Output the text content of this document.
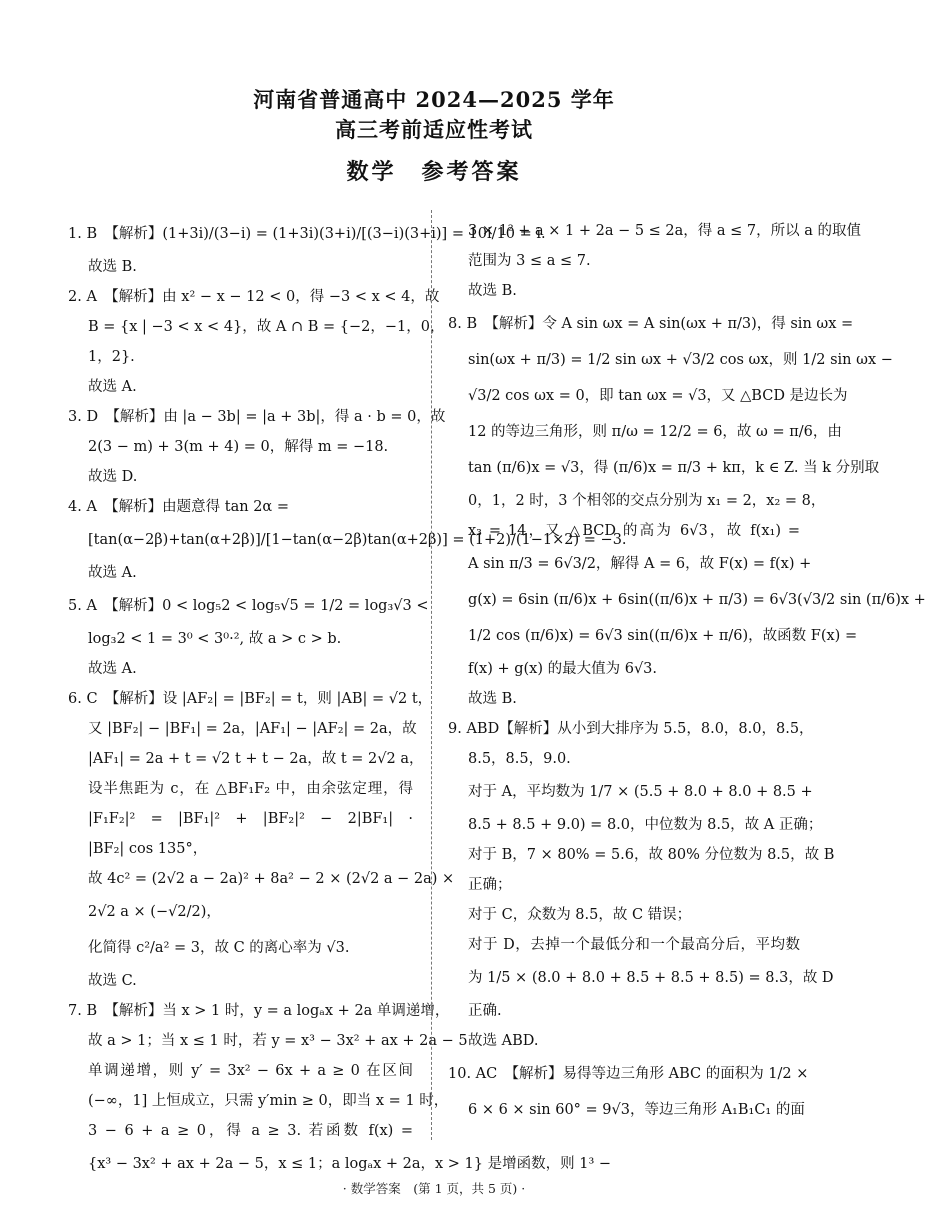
河南省普通高中 2024—2025 学年
高三考前适应性考试
数学　参考答案
1. B　【解析】(1+3i)/(3−i) = (1+3i)(3+i)/[(3−i)(3+i)] = 10i/10 = i.
故选 B.
2. A　【解析】由 x² − x − 12 < 0，得 −3 < x < 4，故
B = {x | −3 < x < 4}，故 A ∩ B = {−2，−1，0，
1，2}.
故选 A.
3. D　【解析】由 |a − 3b| = |a + 3b|，得 a · b = 0，故
2(3 − m) + 3(m + 4) = 0，解得 m = −18.
故选 D.
4. A　【解析】由题意得 tan 2α =
[tan(α−2β)+tan(α+2β)]/[1−tan(α−2β)tan(α+2β)] = (1+2)/(1−1×2) = −3.
故选 A.
5. A　【解析】0 < log₅2 < log₅√5 = 1/2 = log₃√3 <
log₃2 < 1 = 3⁰ < 3⁰·², 故 a > c > b.
故选 A.
6. C　【解析】设 |AF₂| = |BF₂| = t，则 |AB| = √2 t，
又 |BF₂| − |BF₁| = 2a，|AF₁| − |AF₂| = 2a，故
|AF₁| = 2a + t = √2 t + t − 2a，故 t = 2√2 a，
设半焦距为 c，在 △BF₁F₂ 中，由余弦定理，得
|F₁F₂|² = |BF₁|² + |BF₂|² − 2|BF₁| ·
|BF₂| cos 135°，
故 4c² = (2√2 a − 2a)² + 8a² − 2 × (2√2 a − 2a) ×
2√2 a × (−√2/2)，
化简得 c²/a² = 3，故 C 的离心率为 √3.
故选 C.
7. B　【解析】当 x > 1 时，y = a logₐx + 2a 单调递增，
故 a > 1；当 x ≤ 1 时，若 y = x³ − 3x² + ax + 2a − 5
单调递增，则 y′ = 3x² − 6x + a ≥ 0 在区间
(−∞，1] 上恒成立，只需 y′min ≥ 0，即当 x = 1 时，
3 − 6 + a ≥ 0，得 a ≥ 3. 若函数 f(x) =
{x³ − 3x² + ax + 2a − 5，x ≤ 1；a logₐx + 2a，x > 1} 是增函数，则 1³ −
3 × 1² + a × 1 + 2a − 5 ≤ 2a，得 a ≤ 7，所以 a 的取值
范围为 3 ≤ a ≤ 7.
故选 B.
8. B　【解析】令 A sin ωx = A sin(ωx + π/3)，得 sin ωx =
sin(ωx + π/3) = 1/2 sin ωx + √3/2 cos ωx，则 1/2 sin ωx −
√3/2 cos ωx = 0，即 tan ωx = √3，又 △BCD 是边长为
12 的等边三角形，则 π/ω = 12/2 = 6，故 ω = π/6，由
tan (π/6)x = √3，得 (π/6)x = π/3 + kπ，k ∈ Z. 当 k 分别取
0，1，2 时，3 个相邻的交点分别为 x₁ = 2，x₂ = 8，
x₃ = 14，又 △BCD 的高为 6√3，故 f(x₁) =
A sin π/3 = 6√3/2，解得 A = 6，故 F(x) = f(x) +
g(x) = 6sin (π/6)x + 6sin((π/6)x + π/3) = 6√3(√3/2 sin (π/6)x +
1/2 cos (π/6)x) = 6√3 sin((π/6)x + π/6)，故函数 F(x) =
f(x) + g(x) 的最大值为 6√3.
故选 B.
9. ABD【解析】从小到大排序为 5.5，8.0，8.0，8.5，
8.5，8.5，9.0.
对于 A，平均数为 1/7 × (5.5 + 8.0 + 8.0 + 8.5 +
8.5 + 8.5 + 9.0) = 8.0，中位数为 8.5，故 A 正确；
对于 B，7 × 80% = 5.6，故 80% 分位数为 8.5，故 B
正确；
对于 C，众数为 8.5，故 C 错误；
对于 D，去掉一个最低分和一个最高分后，平均数
为 1/5 × (8.0 + 8.0 + 8.5 + 8.5 + 8.5) = 8.3，故 D
正确.
故选 ABD.
10. AC　【解析】易得等边三角形 ABC 的面积为 1/2 ×
6 × 6 × sin 60° = 9√3，等边三角形 A₁B₁C₁ 的面
· 数学答案　(第 1 页，共 5 页) ·
